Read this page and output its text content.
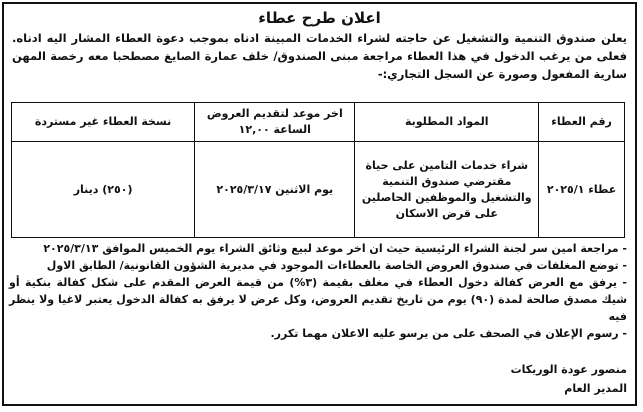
اعلان طرح عطاء
يعلن صندوق التنمية والتشغيل عن حاجته لشراء الخدمات المبينة ادناه بموجب دعوة العطاء المشار اليه ادناه. فعلى من يرغب الدخول في هذا العطاء مراجعة مبنى الصندوق/ خلف عمارة الصايغ مصطحبا معه رخصة المهن سارية المفعول وصورة عن السجل التجاري:-
رقم العطاء	المواد المطلوبة	اخر موعد لتقديم العروض الساعة ١٢,٠٠	نسخة العطاء غير مستردة
عطاء ٢٠٢٥/١	شراء خدمات التامين على حياة مقترضي صندوق التنمية والتشغيل والموظفين الحاصلين على قرض الاسكان	يوم الاثنين ٢٠٢٥/٣/١٧	(٢٥٠) دينار

- مراجعة امين سر لجنة الشراء الرئيسية حيث ان اخر موعد لبيع وثائق الشراء يوم الخميس الموافق ٢٠٢٥/٣/١٣

- توضع المغلفات في صندوق العروض الخاصة بالعطاءات الموجود في مديرية الشؤون القانونية/ الطابق الاول

- يرفق مع العرض كفالة دخول العطاء في مغلف بقيمة (٣%) من قيمة العرض المقدم على شكل كفالة بنكية أو شيك مصدق صالحة لمدة (٩٠) يوم من تاريخ تقديم العروض، وكل عرض لا يرفق به كفالة الدخول يعتبر لاغيا ولا ينظر فيه

- رسوم الإعلان في الصحف على من يرسو عليه الاعلان مهما تكرر.

منصور عودة الوريكات
المدير العام
